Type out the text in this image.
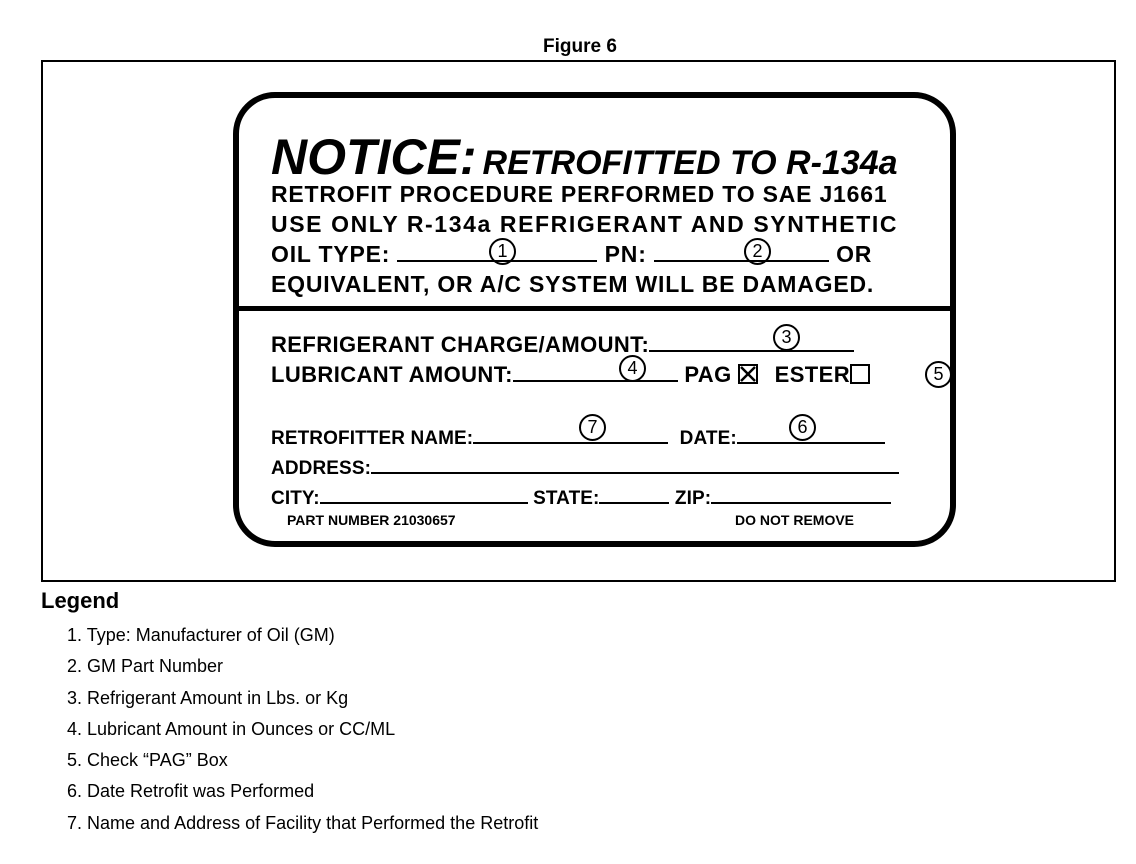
Figure 6
NOTICE: RETROFITTED TO R-134a
RETROFIT PROCEDURE PERFORMED TO SAE J1661
USE ONLY R-134a REFRIGERANT AND SYNTHETIC
OIL TYPE:	PN:	OR
1	2
EQUIVALENT, OR A/C SYSTEM WILL BE DAMAGED.
REFRIGERANT CHARGE/AMOUNT:	3
LUBRICANT AMOUNT:	PAG ESTER
4	5
RETROFITTER NAME:	DATE:
7	6
ADDRESS:
CITY:	STATE:	ZIP:
PART NUMBER 21030657	DO NOT REMOVE
Legend
1. Type: Manufacturer of Oil (GM)
2. GM Part Number
3. Refrigerant Amount in Lbs. or Kg
4. Lubricant Amount in Ounces or CC/ML
5. Check “PAG” Box
6. Date Retrofit was Performed
7. Name and Address of Facility that Performed the Retrofit
